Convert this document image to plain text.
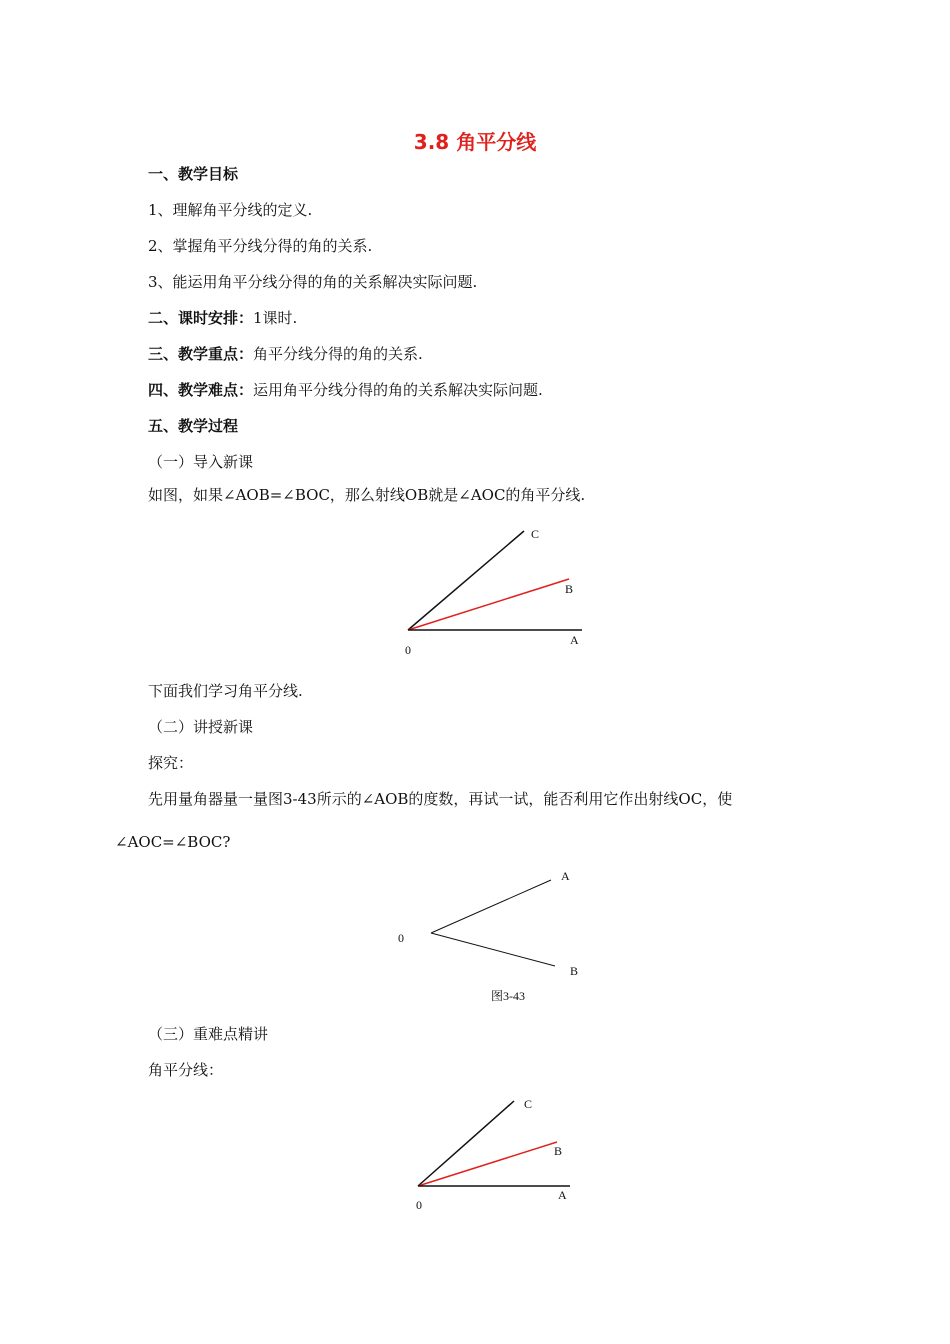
3.8 角平分线
一、教学目标
1、理解角平分线的定义.
2、掌握角平分线分得的角的关系.
3、能运用角平分线分得的角的关系解决实际问题.
二、课时安排：1课时.
三、教学重点：角平分线分得的角的关系.
四、教学难点：运用角平分线分得的角的关系解决实际问题.
五、教学过程
（一）导入新课
如图，如果∠AOB=∠BOC，那么射线OB就是∠AOC的角平分线.
C
B
A
0
A
0
B
C
B
A
0
下面我们学习角平分线.
（二）讲授新课
探究：
先用量角器量一量图3-43所示的∠AOB的度数，再试一试，能否利用它作出射线OC，使
∠AOC=∠BOC?
图3-43
（三）重难点精讲
角平分线：
